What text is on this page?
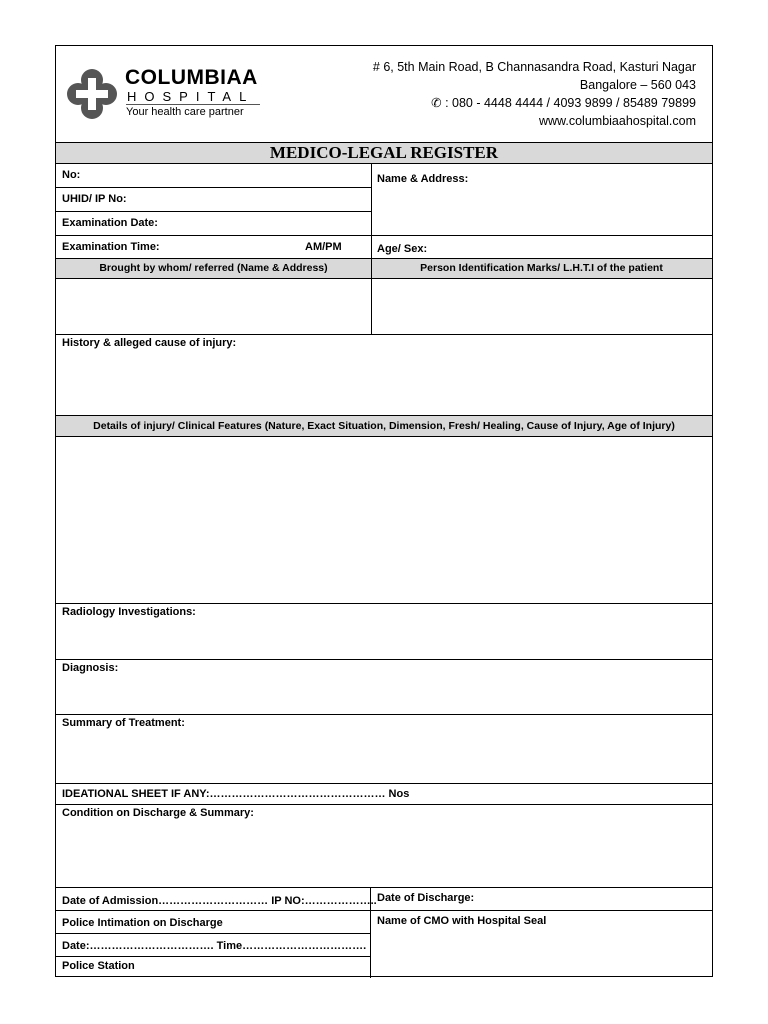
COLUMBIAA
HOSPITAL
Your health care partner
# 6, 5th Main Road, B Channasandra Road, Kasturi Nagar
Bangalore – 560 043
✆ : 080 - 4448 4444 / 4093 9899 / 85489 79899
www.columbiaahospital.com
MEDICO-LEGAL REGISTER
No:	Name & Address:
UHID/ IP No:
Examination Date:
Examination Time:	AM/PM	Age/ Sex:
Brought by whom/ referred (Name & Address)	Person Identification Marks/ L.H.T.I of the patient
History & alleged cause of injury:
Details of injury/ Clinical Features (Nature, Exact Situation, Dimension, Fresh/ Healing, Cause of Injury, Age of Injury)
Radiology Investigations:
Diagnosis:
Summary of Treatment:
IDEATIONAL SHEET IF ANY:………………………………………… Nos
Condition on Discharge & Summary:
Date of Admission………………………… IP NO:……………….. Date of Discharge:
Police Intimation on Discharge	Name of CMO with Hospital Seal
Date:……………………………. Time…………………………….
Police Station
